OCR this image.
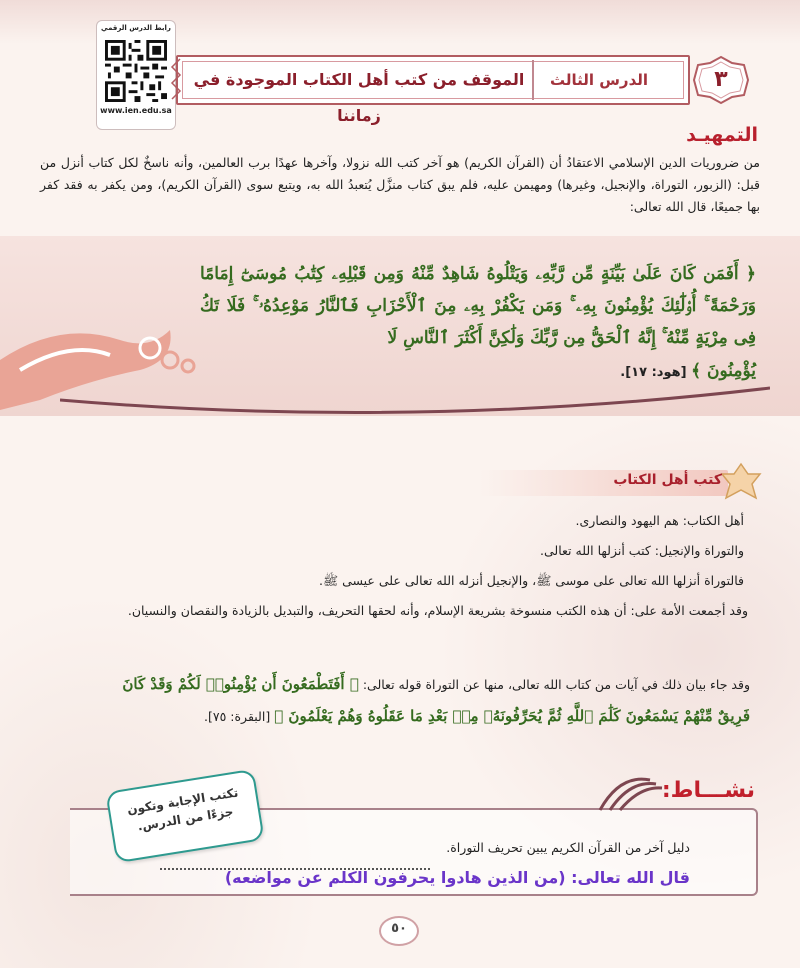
رابط الدرس الرقمي
www.ien.edu.sa
الدرس الثالث
الموقف من كتب أهل الكتاب الموجودة في زماننا
٣
التمهيـد
من ضروريات الدين الإسلامي الاعتقادُ أن (القرآن الكريم) هو آخر كتب الله نزولا، وآخرها عهدًا برب العالمين، وأنه ناسخٌ لكل كتاب أنزل من قبل: (الزبور، التوراة، والإنجيل، وغيرها) ومهيمن عليه، فلم يبق كتاب منزَّل يُتعبدُ الله به، ويتبع سوى (القرآن الكريم)، ومن يكفر به فقد كفر بها جميعًا، قال الله تعالى:
﴿ أَفَمَن كَانَ عَلَىٰ بَيِّنَةٍ مِّن رَّبِّهِۦ وَيَتْلُوهُ شَاهِدٌ مِّنْهُ وَمِن قَبْلِهِۦ كِتَٰبُ مُوسَىٰٓ إِمَامًا وَرَحْمَةً ۚ أُو۟لَٰٓئِكَ يُؤْمِنُونَ بِهِۦ ۚ وَمَن يَكْفُرْ بِهِۦ مِنَ ٱلْأَحْزَابِ فَٱلنَّارُ مَوْعِدُهُۥ ۚ فَلَا تَكُ فِى مِرْيَةٍ مِّنْهُ ۚ إِنَّهُ ٱلْحَقُّ مِن رَّبِّكَ وَلَٰكِنَّ أَكْثَرَ ٱلنَّاسِ لَا
يُؤْمِنُونَ ﴾ [هود: ١٧].
كتب أهل الكتاب
أهل الكتاب: هم اليهود والنصارى.
والتوراة والإنجيل: كتب أنزلها الله تعالى.
فالتوراة أنزلها الله تعالى على موسى ﷺ، والإنجيل أنزله الله تعالى على عيسى ﷺ.
وقد أجمعت الأمة على: أن هذه الكتب منسوخة بشريعة الإسلام، وأنه لحقها التحريف، والتبديل بالزيادة والنقصان والنسيان.
وقد جاء بيان ذلك في آيات من كتاب الله تعالى، منها عن التوراة قوله تعالى: ﴿ أَفَتَطْمَعُونَ أَن يُؤْمِنُوا۟ لَكُمْ وَقَدْ كَانَ
فَرِيقٌ مِّنْهُمْ يَسْمَعُونَ كَلَٰمَ ٱللَّهِ ثُمَّ يُحَرِّفُونَهُۥ مِنۢ بَعْدِ مَا عَقَلُوهُ وَهُمْ يَعْلَمُونَ ﴾ [البقرة: ٧٥].
نشـــاط:
دليل آخر من القرآن الكريم يبين تحريف التوراة.
قال الله تعالى: (من الذين هادوا يحرفون الكلم عن مواضعه)
تكتب الإجابة وتكون جزءًا من الدرس.
٥٠
